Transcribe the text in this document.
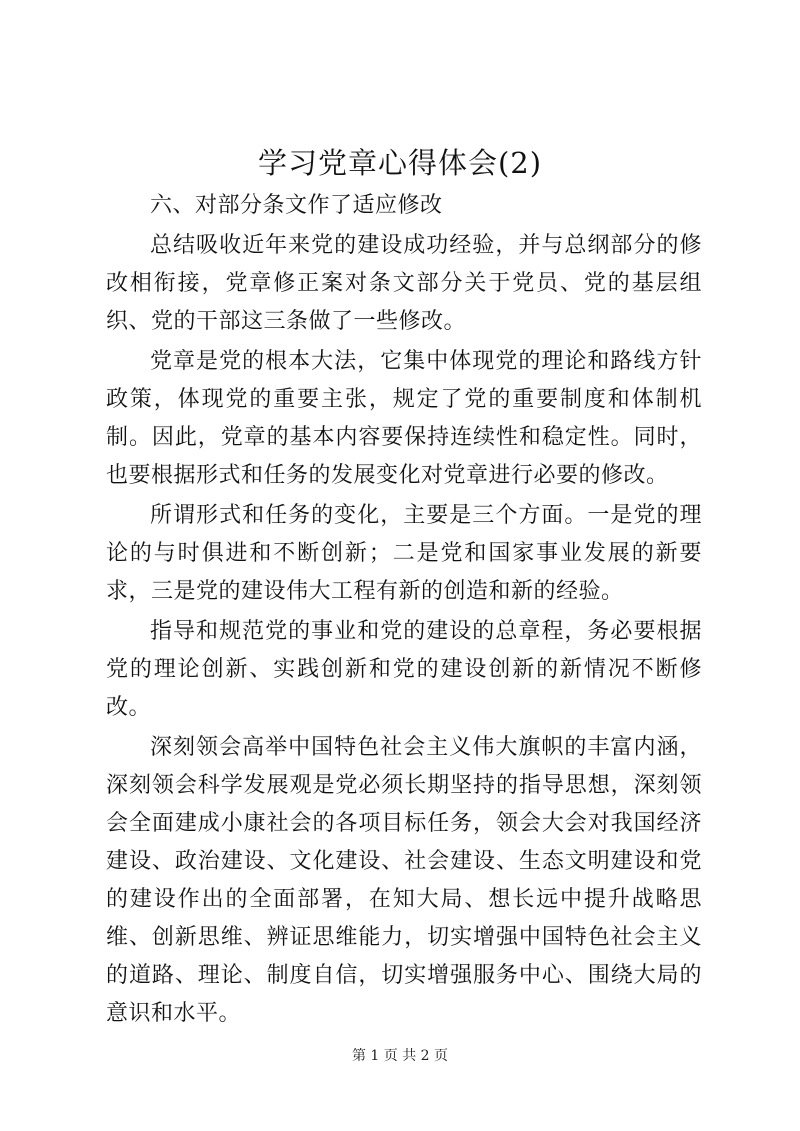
学习党章心得体会(2)

六、对部分条文作了适应修改

总结吸收近年来党的建设成功经验，并与总纲部分的修改相衔接，党章修正案对条文部分关于党员、党的基层组织、党的干部这三条做了一些修改。

党章是党的根本大法，它集中体现党的理论和路线方针政策，体现党的重要主张，规定了党的重要制度和体制机制。因此，党章的基本内容要保持连续性和稳定性。同时，也要根据形式和任务的发展变化对党章进行必要的修改。

所谓形式和任务的变化，主要是三个方面。一是党的理论的与时俱进和不断创新；二是党和国家事业发展的新要求，三是党的建设伟大工程有新的创造和新的经验。

指导和规范党的事业和党的建设的总章程，务必要根据党的理论创新、实践创新和党的建设创新的新情况不断修改。

深刻领会高举中国特色社会主义伟大旗帜的丰富内涵，深刻领会科学发展观是党必须长期坚持的指导思想，深刻领会全面建成小康社会的各项目标任务，领会大会对我国经济建设、政治建设、文化建设、社会建设、生态文明建设和党的建设作出的全面部署，在知大局、想长远中提升战略思维、创新思维、辨证思维能力，切实增强中国特色社会主义的道路、理论、制度自信，切实增强服务中心、围绕大局的意识和水平。

第 1 页 共 2 页
